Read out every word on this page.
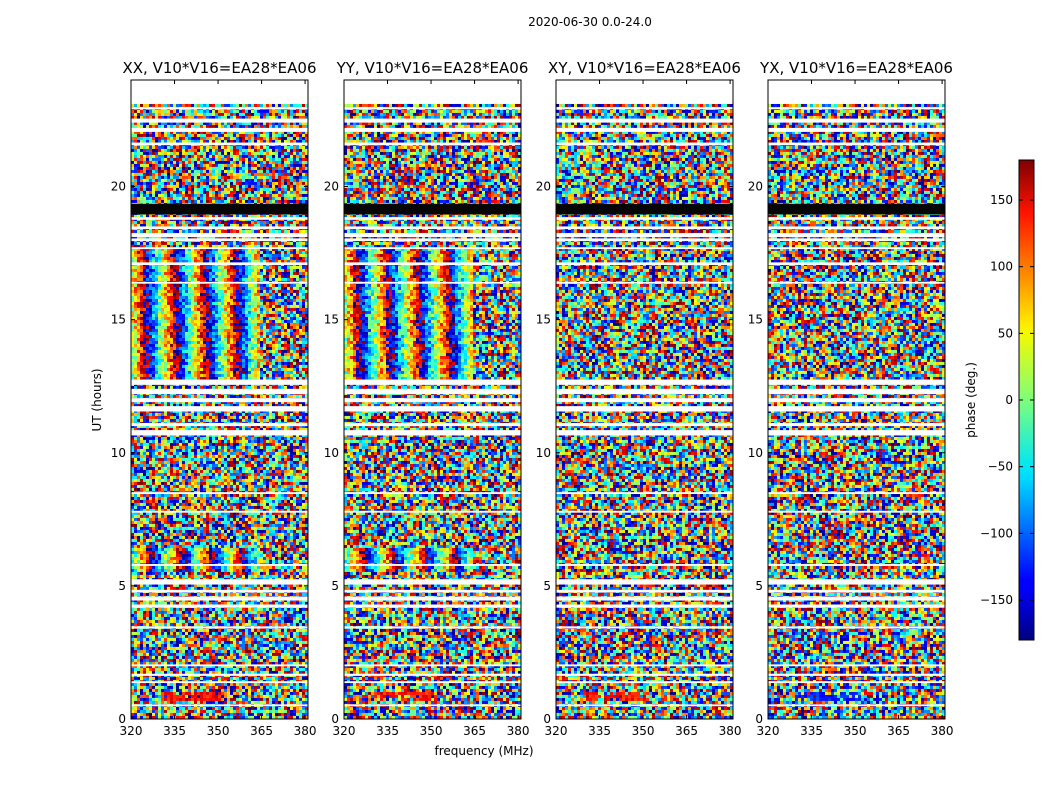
2020-06-30 0.0-24.0
XX, V10*V16=EA28*EA06
320 335 350 365 380
0
5
10
15
20
YY, V10*V16=EA28*EA06
320 335 350 365 380
0
5
10
15
20
XY, V10*V16=EA28*EA06
320 335 350 365 380
0
5
10
15
20
YX, V10*V16=EA28*EA06
320 335 350 365 380
0
5
10
15
20
frequency (MHz)
UT (hours)
150
100
50
0
−50
−100
−150
phase (deg.)
